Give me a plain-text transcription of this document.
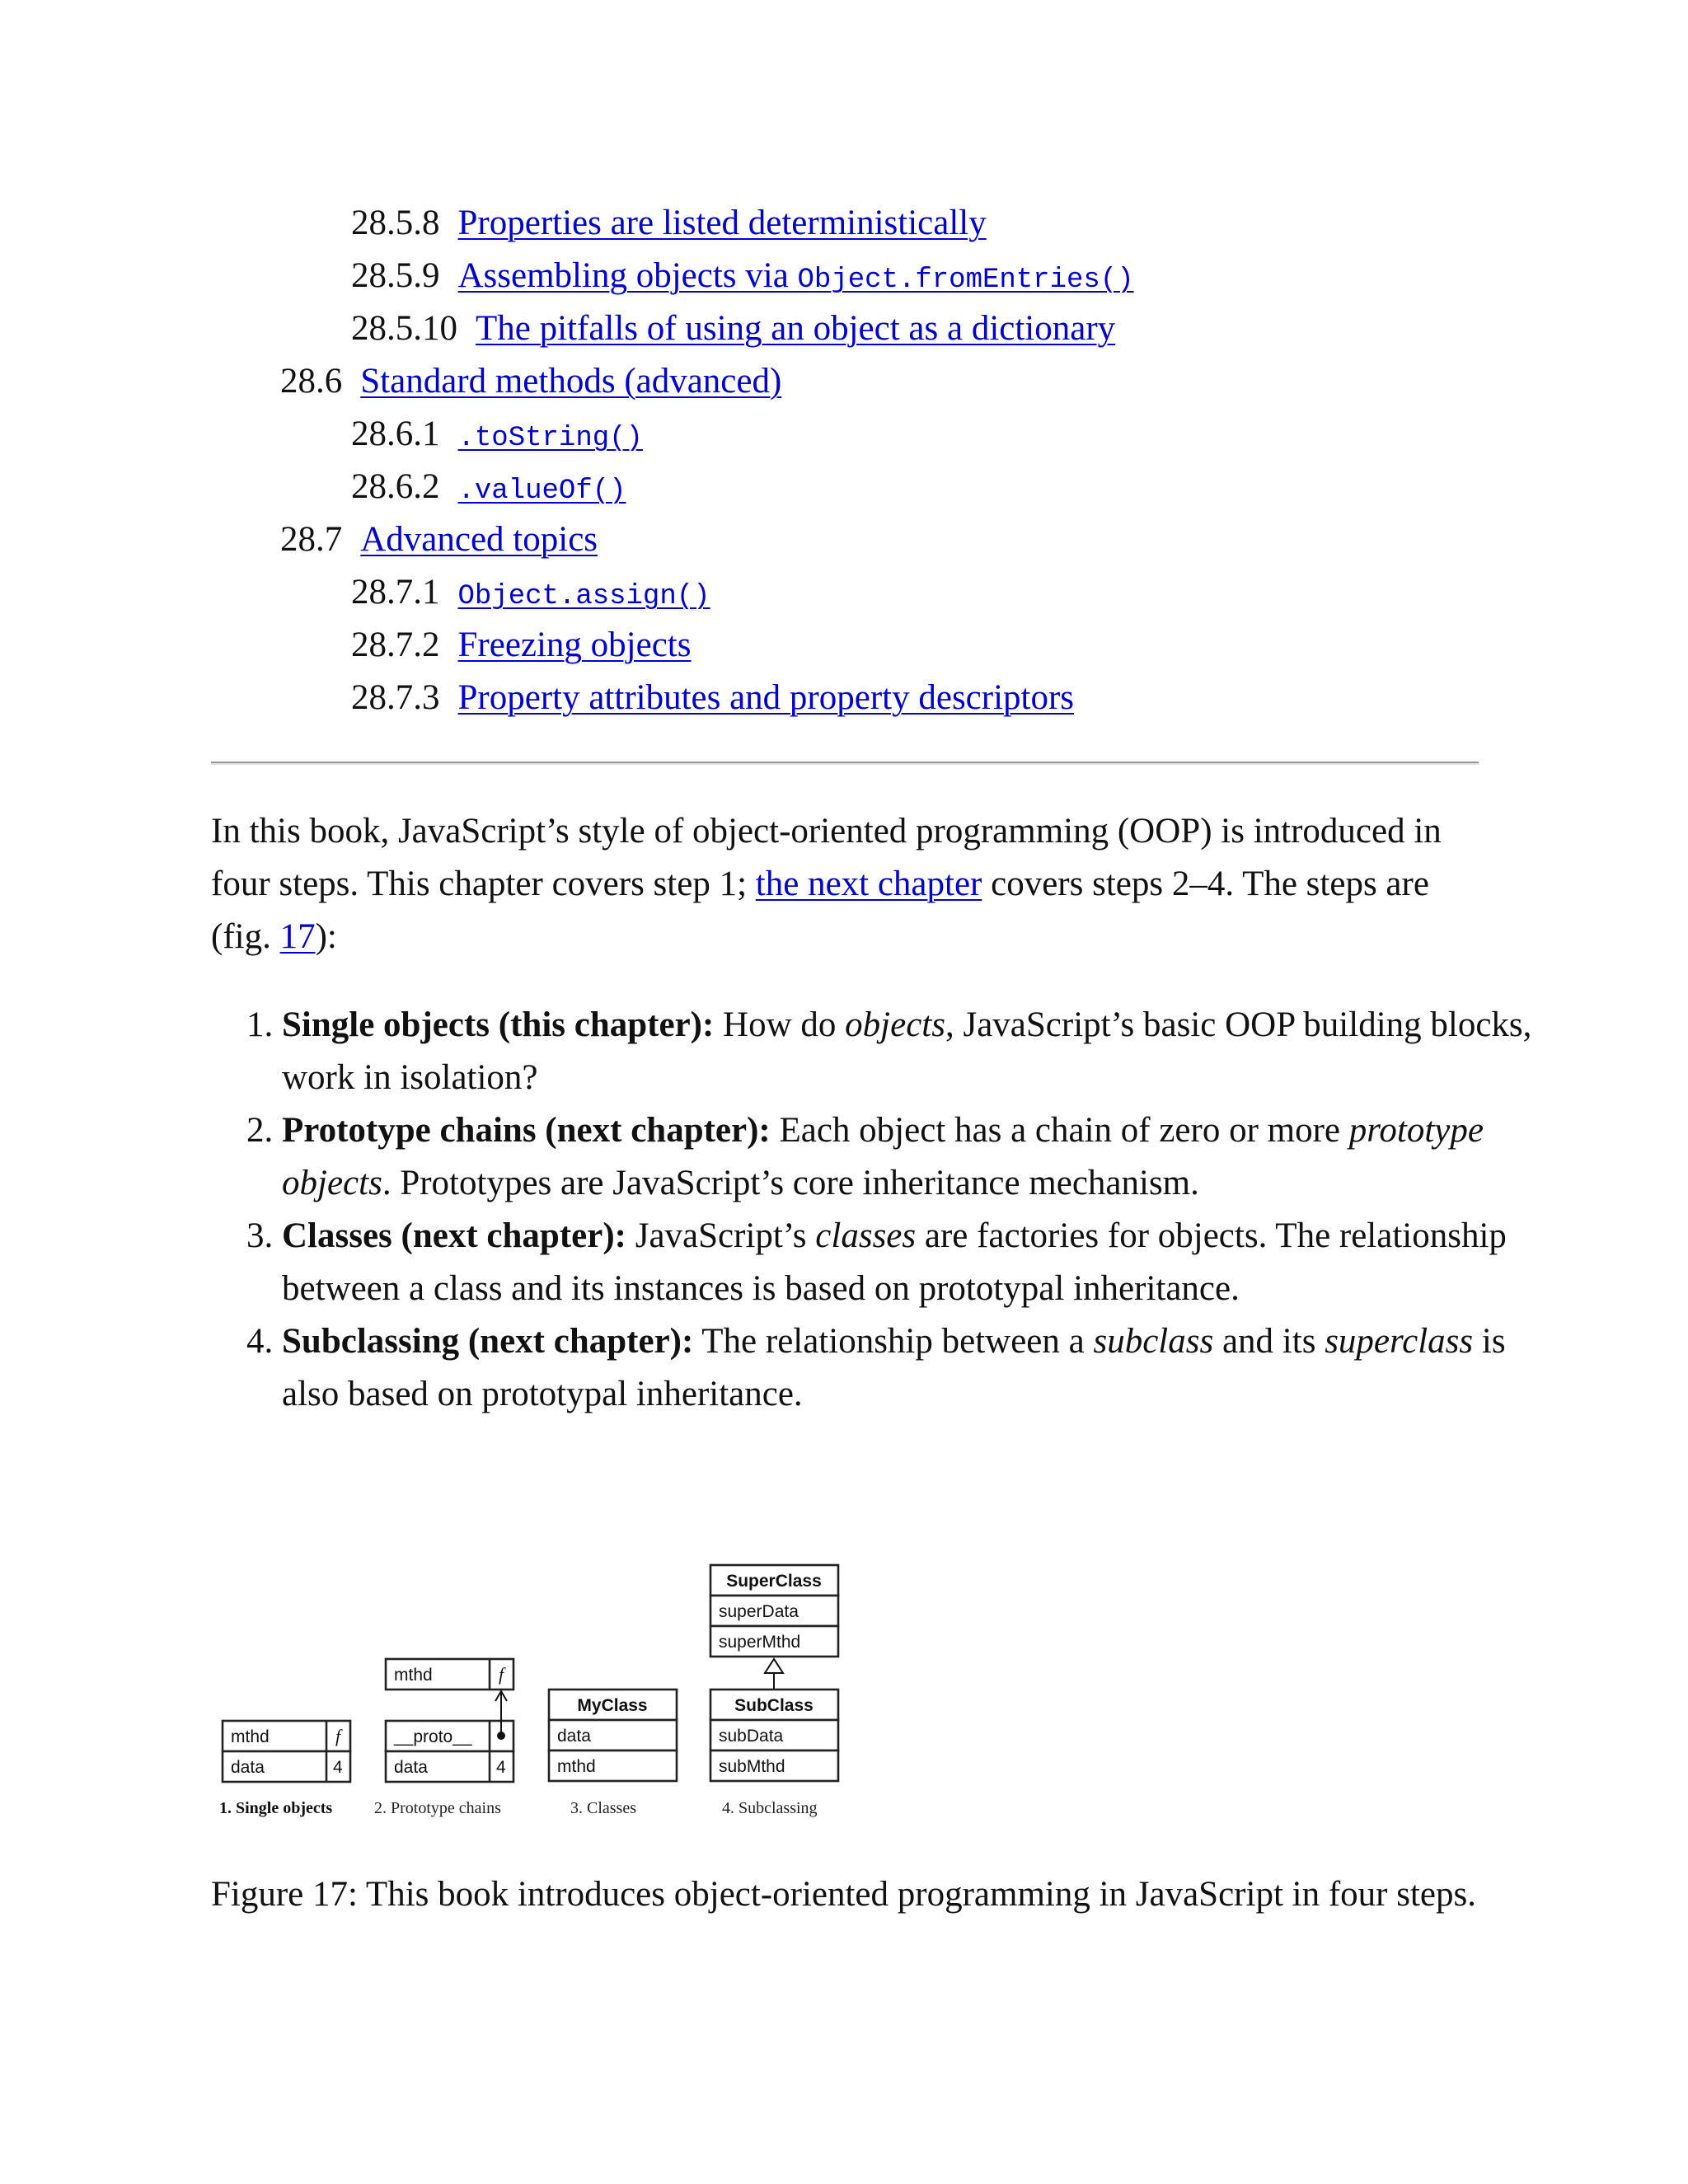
28.5.8 Properties are listed deterministically
28.5.9 Assembling objects via Object.fromEntries()
28.5.10 The pitfalls of using an object as a dictionary
28.6 Standard methods (advanced)
28.6.1 .toString()
28.6.2 .valueOf()
28.7 Advanced topics
28.7.1 Object.assign()
28.7.2 Freezing objects
28.7.3 Property attributes and property descriptors

In this book, JavaScript’s style of object-oriented programming (OOP) is introduced in four steps. This chapter covers step 1; the next chapter covers steps 2–4. The steps are (fig. 17):

1. Single objects (this chapter): How do objects, JavaScript’s basic OOP building blocks, work in isolation?
2. Prototype chains (next chapter): Each object has a chain of zero or more prototype objects. Prototypes are JavaScript’s core inheritance mechanism.
3. Classes (next chapter): JavaScript’s classes are factories for objects. The relationship between a class and its instances is based on prototypal inheritance.
4. Subclassing (next chapter): The relationship between a subclass and its superclass is also based on prototypal inheritance.
mthd	f
data	4
1. Single objects
mthd	f
__proto__
data	4
2. Prototype chains
MyClass
data
mthd
3. Classes
SuperClass
superData
superMthd
SubClass
subData
subMthd
4. Subclassing

Figure 17: This book introduces object-oriented programming in JavaScript in four steps.
